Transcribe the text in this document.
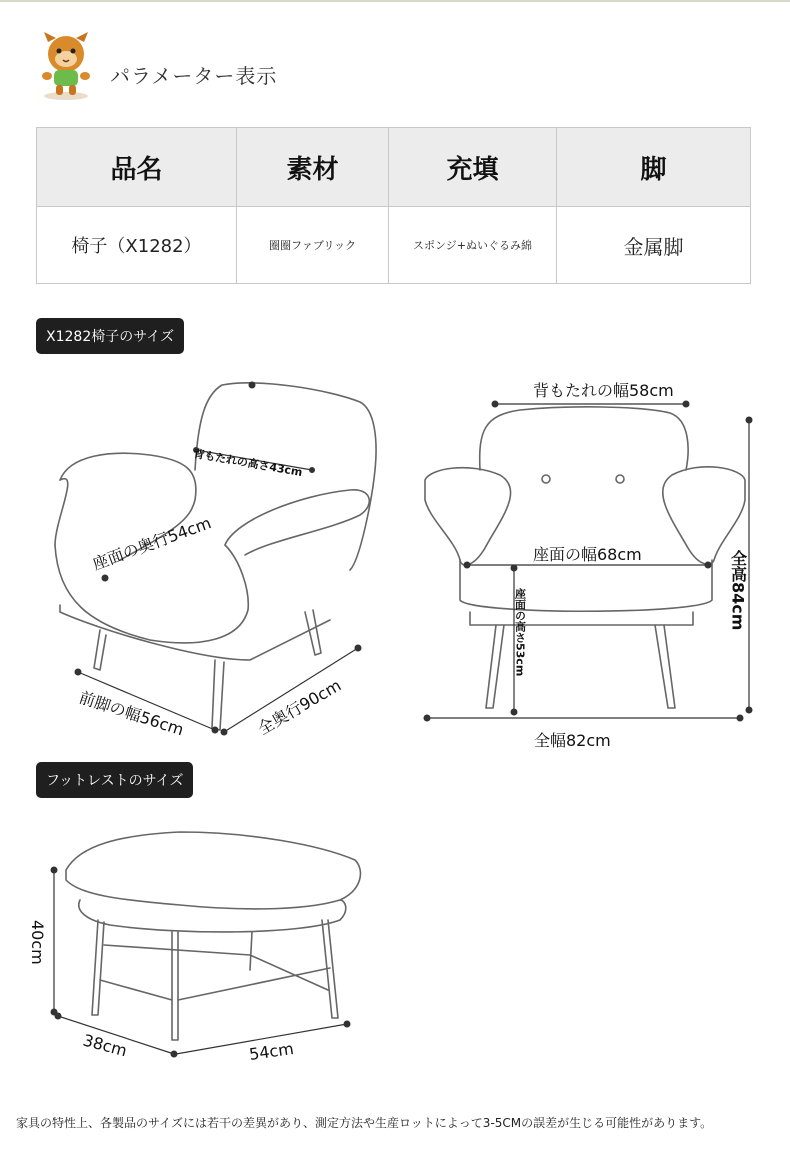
パラメーター表示
品名	素材	充填	脚
椅子（X1282）	圈圈ファブリック	スポンジ+ぬいぐるみ綿	金属脚
X1282椅子のサイズ
フットレストのサイズ
背もたれの高さ43cm
座面の奥行54cm
前脚の幅56cm	全奥行90cm
背もたれの幅58cm
座面の幅68cm
座面の高さ53cm	全高84cm
全幅82cm
40cm
38cm	54cm
家具の特性上、各製品のサイズには若干の差異があり、測定方法や生産ロットによって3-5CMの誤差が生じる可能性があります。
